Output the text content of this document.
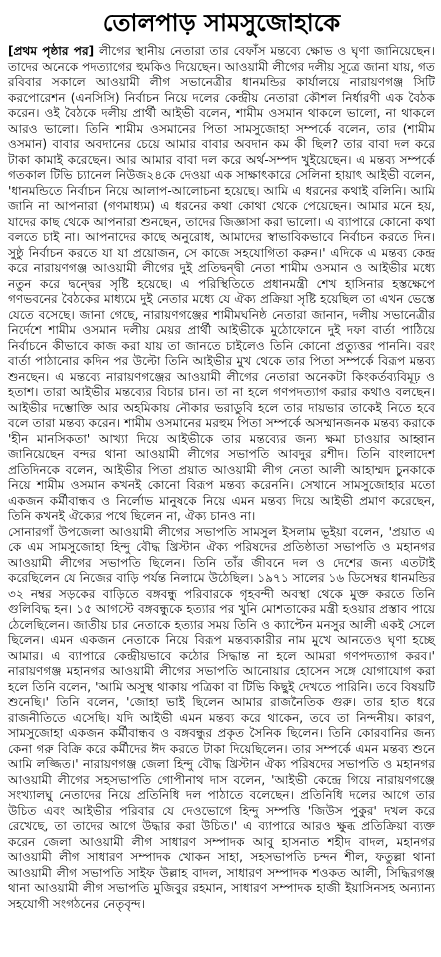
তোলপাড় সামসুজোহাকে

[প্রথম পৃষ্ঠার পর] লীগের স্থানীয় নেতারা তার বেফাঁস মন্তব্যে ক্ষোভ ও ঘৃণা জানিয়েছেন। তাদের অনেকে পদত্যাগের হুমকিও দিয়েছেন। আওয়ামী লীগের দলীয় সূত্রে জানা যায়, গত রবিবার সকালে আওয়ামী লীগ সভানেত্রীর ধানমন্ডির কার্যালয়ে নারায়ণগঞ্জ সিটি করপোরেশন (এনসিসি) নির্বাচন নিয়ে দলের কেন্দ্রীয় নেতারা কৌশল নির্ধারণী এক বৈঠক করেন। ওই বৈঠকে দলীয় প্রার্থী আইভী বলেন, শামীম ওসমান থাকলে ভালো, না থাকলে আরও ভালো। তিনি শামীম ওসমানের পিতা সামসুজোহা সম্পর্কে বলেন, তার (শামীম ওসমান) বাবার অবদানের চেয়ে আমার বাবার অবদান কম কী ছিল? তার বাবা দল করে টাকা কামাই করেছেন। আর আমার বাবা দল করে অর্থ-সম্পদ খুইয়েছেন। এ মন্তব্য সম্পর্কে গতকাল টিভি চ্যানেল নিউজ২৪কে দেওয়া এক সাক্ষাৎকারে সেলিনা হায়াৎ আইভী বলেন, 'ধানমন্ডিতে নির্বাচন নিয়ে আলাপ-আলোচনা হয়েছে। আমি এ ধরনের কথাই বলিনি। আমি জানি না আপনারা (গণমাধ্যম) এ ধরনের কথা কোথা থেকে পেয়েছেন। আমার মনে হয়, যাদের কাছ থেকে আপনারা শুনছেন, তাদের জিজ্ঞাসা করা ভালো। এ ব্যাপারে কোনো কথা বলতে চাই না। আপনাদের কাছে অনুরোধ, আমাদের স্বাভাবিকভাবে নির্বাচন করতে দিন। সুষ্ঠু নির্বাচন করতে যা যা প্রয়োজন, সে কাজে সহযোগিতা করুন।' এদিকে এ মন্তব্য কেন্দ্র করে নারায়ণগঞ্জ আওয়ামী লীগের দুই প্রতিদ্বন্দ্বী নেতা শামীম ওসমান ও আইভীর মধ্যে নতুন করে দ্বন্দ্বের সৃষ্টি হয়েছে। এ পরিস্থিতিতে প্রধানমন্ত্রী শেখ হাসিনার হস্তক্ষেপে গণভবনের বৈঠকের মাধ্যমে দুই নেতার মধ্যে যে ঐক্য প্রক্রিয়া সৃষ্টি হয়েছিল তা এখন ভেস্তে যেতে বসেছে। জানা গেছে, নারায়ণগঞ্জের শামীমঘনিষ্ঠ নেতারা জানান, দলীয় সভানেত্রীর নির্দেশে শামীম ওসমান দলীয় মেয়র প্রার্থী আইভীকে মুঠোফোনে দুই দফা বার্তা পাঠিয়ে নির্বাচনে কীভাবে কাজ করা যায় তা জানতে চাইলেও তিনি কোনো প্রত্যুত্তর পাননি। বরং বার্তা পাঠানোর কদিন পর উল্টো তিনি আইভীর মুখ থেকে তার পিতা সম্পর্কে বিরূপ মন্তব্য শুনছেন। এ মন্তব্যে নারায়ণগঞ্জের আওয়ামী লীগের নেতারা অনেকটা কিংকর্তব্যবিমূঢ় ও হতাশ। তারা আইভীর মন্তব্যের বিচার চান। তা না হলে গণপদত্যাগ করার কথাও বলছেন। আইভীর দম্ভোক্তি আর অহমিকায় নৌকার ভরাডুবি হলে তার দায়ভার তাকেই নিতে হবে বলে তারা মন্তব্য করেন। শামীম ওসমানের মরহুম পিতা সম্পর্কে অসম্মানজনক মন্তব্য করাকে 'হীন মানসিকতা' আখ্যা দিয়ে আইভীকে তার মন্তব্যের জন্য ক্ষমা চাওয়ার আহ্বান জানিয়েছেন বন্দর থানা আওয়ামী লীগের সভাপতি আবদুর রশীদ। তিনি বাংলাদেশ প্রতিদিনকে বলেন, আইভীর পিতা প্রয়াত আওয়ামী লীগ নেতা আলী আহাম্মদ চুনকাকে নিয়ে শামীম ওসমান কখনই কোনো বিরূপ মন্তব্য করেননি। সেখানে সামসুজোহার মতো একজন কর্মীবান্ধব ও নির্লোভ মানুষকে নিয়ে এমন মন্তব্য দিয়ে আইভী প্রমাণ করেছেন, তিনি কখনই ঐক্যের পথে ছিলেন না, ঐক্য চানও না।

সোনারগাঁ উপজেলা আওয়ামী লীগের সভাপতি সামসুল ইসলাম ভূইয়া বলেন, 'প্রয়াত এ কে এম সামসুজোহা হিন্দু বৌদ্ধ খ্রিস্টান ঐক্য পরিষদের প্রতিষ্ঠাতা সভাপতি ও মহানগর আওয়ামী লীগের সভাপতি ছিলেন। তিনি তাঁর জীবনে দল ও দেশের জন্য এতটাই করেছিলেন যে নিজের বাড়ি পর্যন্ত নিলামে উঠেছিল। ১৯৭১ সালের ১৬ ডিসেম্বর ধানমন্ডির ৩২ নম্বর সড়কের বাড়িতে বঙ্গবন্ধু পরিবারকে গৃহবন্দী অবস্থা থেকে মুক্ত করতে তিনি গুলিবিদ্ধ হন। ১৫ আগস্টে বঙ্গবন্ধুকে হত্যার পর খুনি মোশতাকের মন্ত্রী হওয়ার প্রস্তাব পায়ে ঠেলেছিলেন। জাতীয় চার নেতাকে হত্যার সময় তিনি ও ক্যাপ্টেন মনসুর আলী একই সেলে ছিলেন। এমন একজন নেতাকে নিয়ে বিরূপ মন্তব্যকারীর নাম মুখে আনতেও ঘৃণা হচ্ছে আমার। এ ব্যাপারে কেন্দ্রীয়ভাবে কঠোর সিদ্ধান্ত না হলে আমরা গণপদত্যাগ করব।' নারায়ণগঞ্জ মহানগর আওয়ামী লীগের সভাপতি আনোয়ার হোসেন সঙ্গে যোগাযোগ করা হলে তিনি বলেন, 'আমি অসুস্থ থাকায় পত্রিকা বা টিভি কিছুই দেখতে পারিনি। তবে বিষয়টি শুনেছি।' তিনি বলেন, 'জোহা ভাই ছিলেন আমার রাজনৈতিক গুরু। তার হাত ধরে রাজনীতিতে এসেছি। যদি আইভী এমন মন্তব্য করে থাকেন, তবে তা নিন্দনীয়। কারণ, সামসুজোহা একজন কর্মীবান্ধব ও বঙ্গবন্ধুর প্রকৃত সৈনিক ছিলেন। তিনি কোরবানির জন্য কেনা গরু বিক্রি করে কর্মীদের ঈদ করতে টাকা দিয়েছিলেন। তার সম্পর্কে এমন মন্তব্য শুনে আমি লজ্জিত।' নারায়ণগঞ্জ জেলা হিন্দু বৌদ্ধ খ্রিস্টান ঐক্য পরিষদের সভাপতি ও মহানগর আওয়ামী লীগের সহসভাপতি গোপীনাথ দাস বলেন, 'আইভী কেন্দ্রে গিয়ে নারায়ণগঞ্জে সংখ্যালঘু নেতাদের নিয়ে প্রতিনিধি দল পাঠাতে বলেছেন। প্রতিনিধি দলের আগে তার উচিত এবং আইভীর পরিবার যে দেওভোগে হিন্দু সম্পত্তি 'জিউস পুকুর' দখল করে রেখেছে, তা তাদের আগে উদ্ধার করা উচিত।' এ ব্যাপারে আরও ক্ষুব্ধ প্রতিক্রিয়া ব্যক্ত করেন জেলা আওয়ামী লীগ সাধারণ সম্পাদক আবু হাসনাত শহীদ বাদল, মহানগর আওয়ামী লীগ সাধারণ সম্পাদক খোকন সাহা, সহসভাপতি চন্দন শীল, ফতুল্লা থানা আওয়ামী লীগ সভাপতি সাইফ উল্লাহ বাদল, সাধারণ সম্পাদক শওকত আলী, সিদ্ধিরগঞ্জ থানা আওয়ামী লীগ সভাপতি মুজিবুর রহমান, সাধারণ সম্পাদক হাজী ইয়াসিনসহ অন্যান্য সহযোগী সংগঠনের নেতৃবৃন্দ।
